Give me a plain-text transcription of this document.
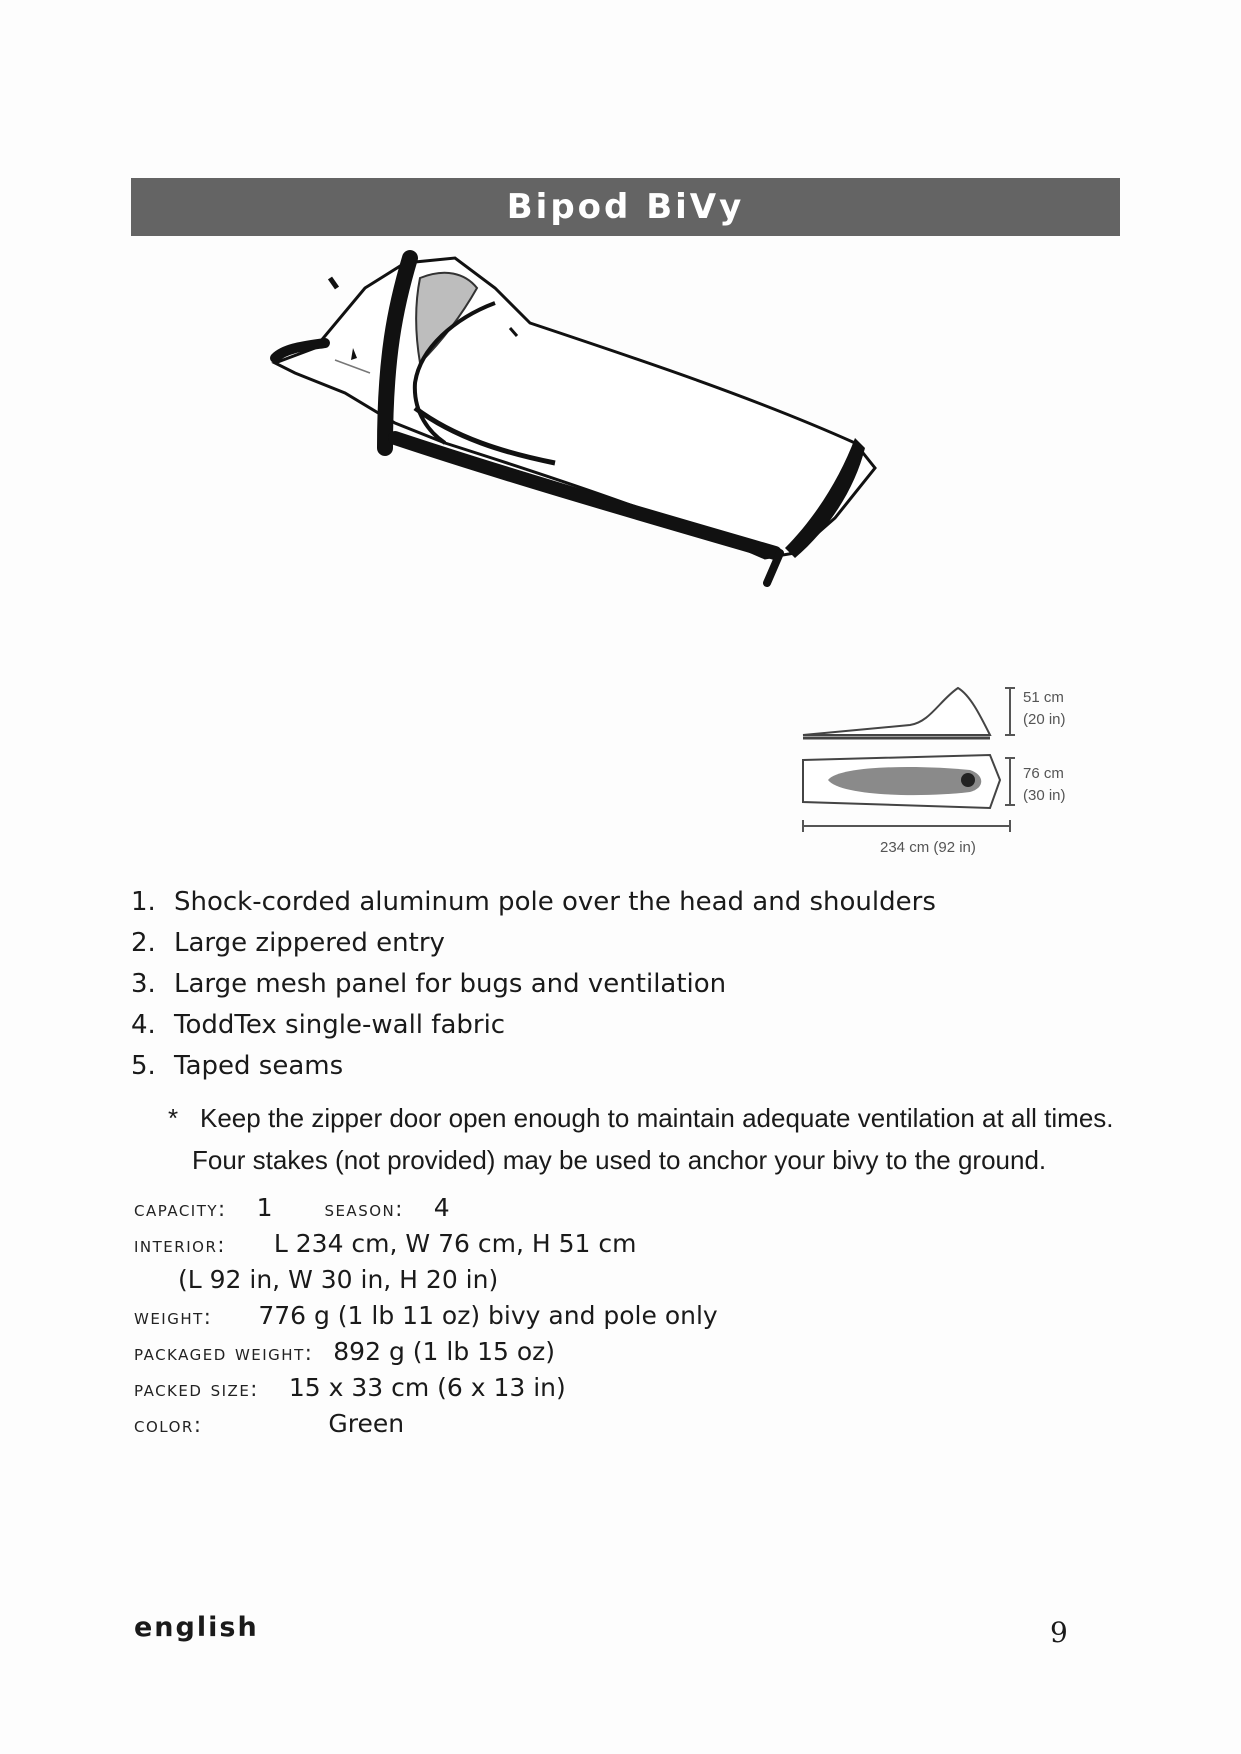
Bipod BiVy
51 cm
(20 in)
76 cm
(30 in)
234 cm (92 in)
1. Shock-corded aluminum pole over the head and shoulders
2. Large zippered entry
3. Large mesh panel for bugs and ventilation
4. ToddTex single-wall fabric
5. Taped seams
* Keep the zipper door open enough to maintain adequate ventilation at all times.
Four stakes (not provided) may be used to anchor your bivy to the ground.
capacity: 1 season: 4
interior: L 234 cm, W 76 cm, H 51 cm
(L 92 in, W 30 in, H 20 in)
weight: 776 g (1 lb 11 oz) bivy and pole only
packaged weight: 892 g (1 lb 15 oz)
packed size: 15 x 33 cm (6 x 13 in)
color:	Green
english	9
